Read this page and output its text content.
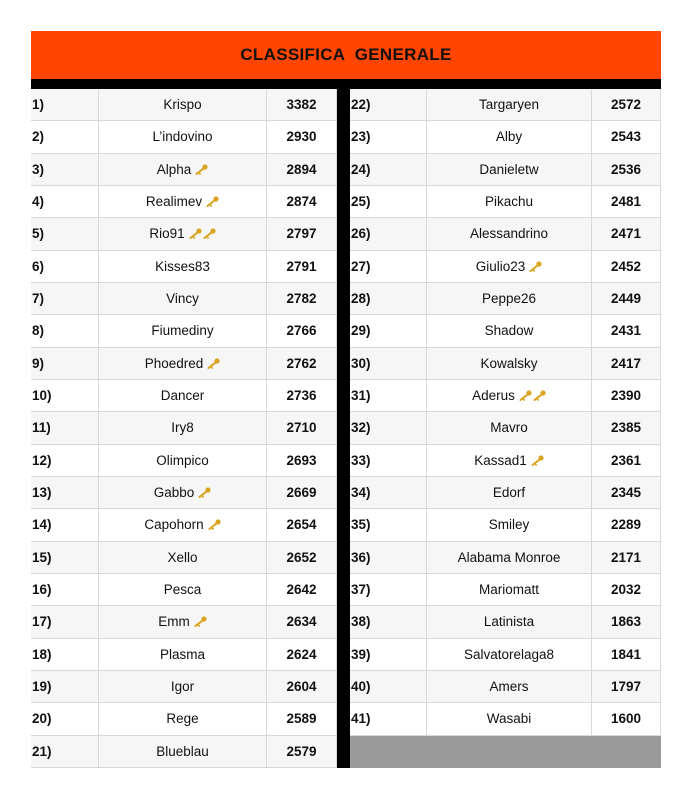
CLASSIFICA  GENERALE
1)	Krispo	3382
2)	L’indovino	2930
3)	Alpha	2894
4)	Realimev	2874
5)	Rio91	2797
6)	Kisses83	2791
7)	Vincy	2782
8)	Fiumediny	2766
9)	Phoedred	2762
10)	Dancer	2736
11)	Iry8	2710
12)	Olimpico	2693
13)	Gabbo	2669
14)	Capohorn	2654
15)	Xello	2652
16)	Pesca	2642
17)	Emm	2634
18)	Plasma	2624
19)	Igor	2604
20)	Rege	2589
21)	Blueblau	2579
22)	Targaryen	2572
23)	Alby	2543
24)	Danieletw	2536
25)	Pikachu	2481
26)	Alessandrino	2471
27)	Giulio23	2452
28)	Peppe26	2449
29)	Shadow	2431
30)	Kowalsky	2417
31)	Aderus	2390
32)	Mavro	2385
33)	Kassad1	2361
34)	Edorf	2345
35)	Smiley	2289
36)	Alabama Monroe	2171
37)	Mariomatt	2032
38)	Latinista	1863
39)	Salvatorelaga8	1841
40)	Amers	1797
41)	Wasabi	1600
